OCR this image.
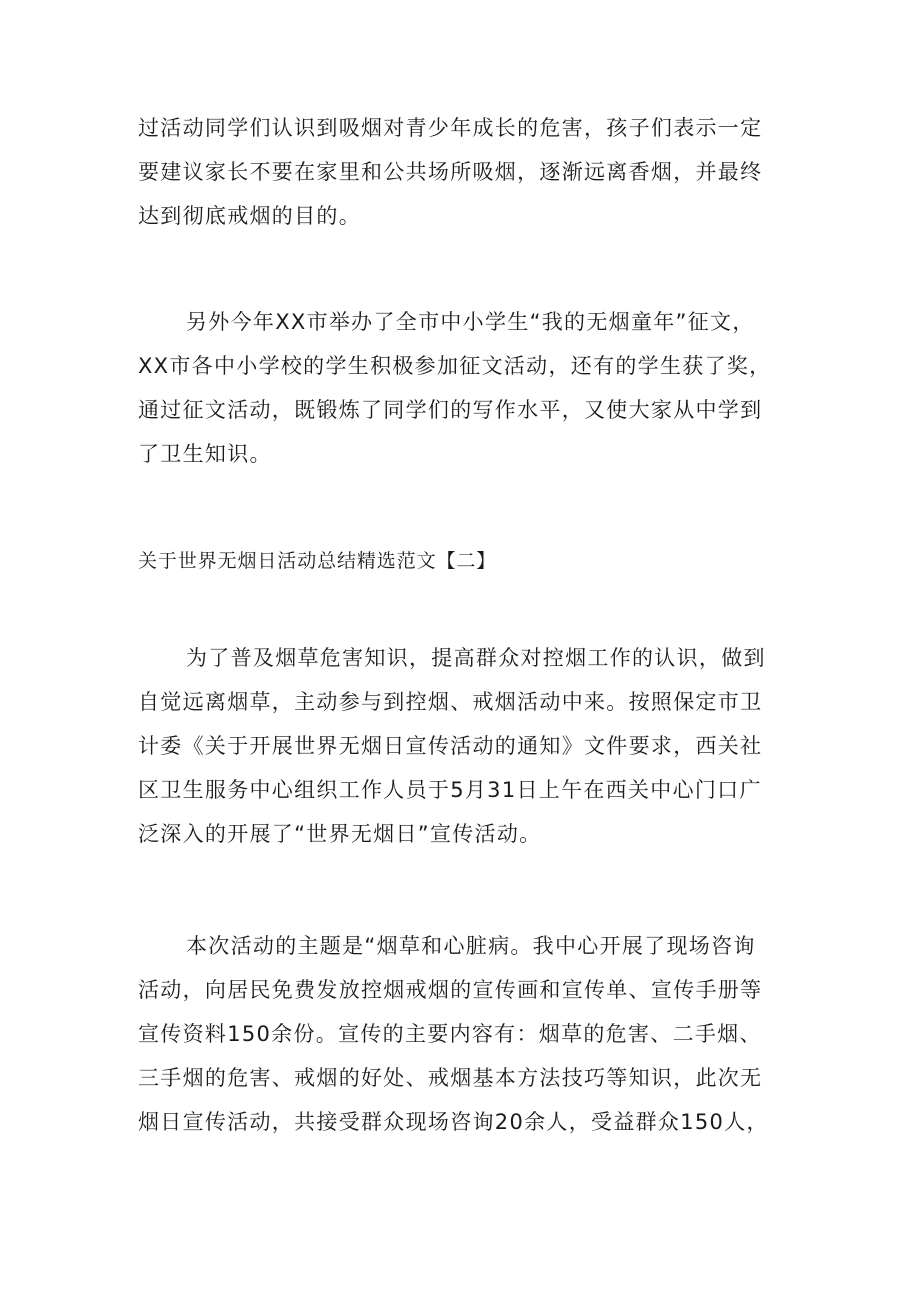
过活动同学们认识到吸烟对青少年成长的危害，孩子们表示一定
要建议家长不要在家里和公共场所吸烟，逐渐远离香烟，并最终
达到彻底戒烟的目的。
另外今年XX市举办了全市中小学生“我的无烟童年”征文，
XX市各中小学校的学生积极参加征文活动，还有的学生获了奖，
通过征文活动，既锻炼了同学们的写作水平，又使大家从中学到
了卫生知识。
关于世界无烟日活动总结精选范文【二】
为了普及烟草危害知识，提高群众对控烟工作的认识，做到
自觉远离烟草，主动参与到控烟、戒烟活动中来。按照保定市卫
计委《关于开展世界无烟日宣传活动的通知》文件要求，西关社
区卫生服务中心组织工作人员于5月31日上午在西关中心门口广
泛深入的开展了“世界无烟日”宣传活动。
本次活动的主题是“烟草和心脏病。我中心开展了现场咨询
活动，向居民免费发放控烟戒烟的宣传画和宣传单、宣传手册等
宣传资料150余份。宣传的主要内容有：烟草的危害、二手烟、
三手烟的危害、戒烟的好处、戒烟基本方法技巧等知识，此次无
烟日宣传活动，共接受群众现场咨询20余人，受益群众150人，
